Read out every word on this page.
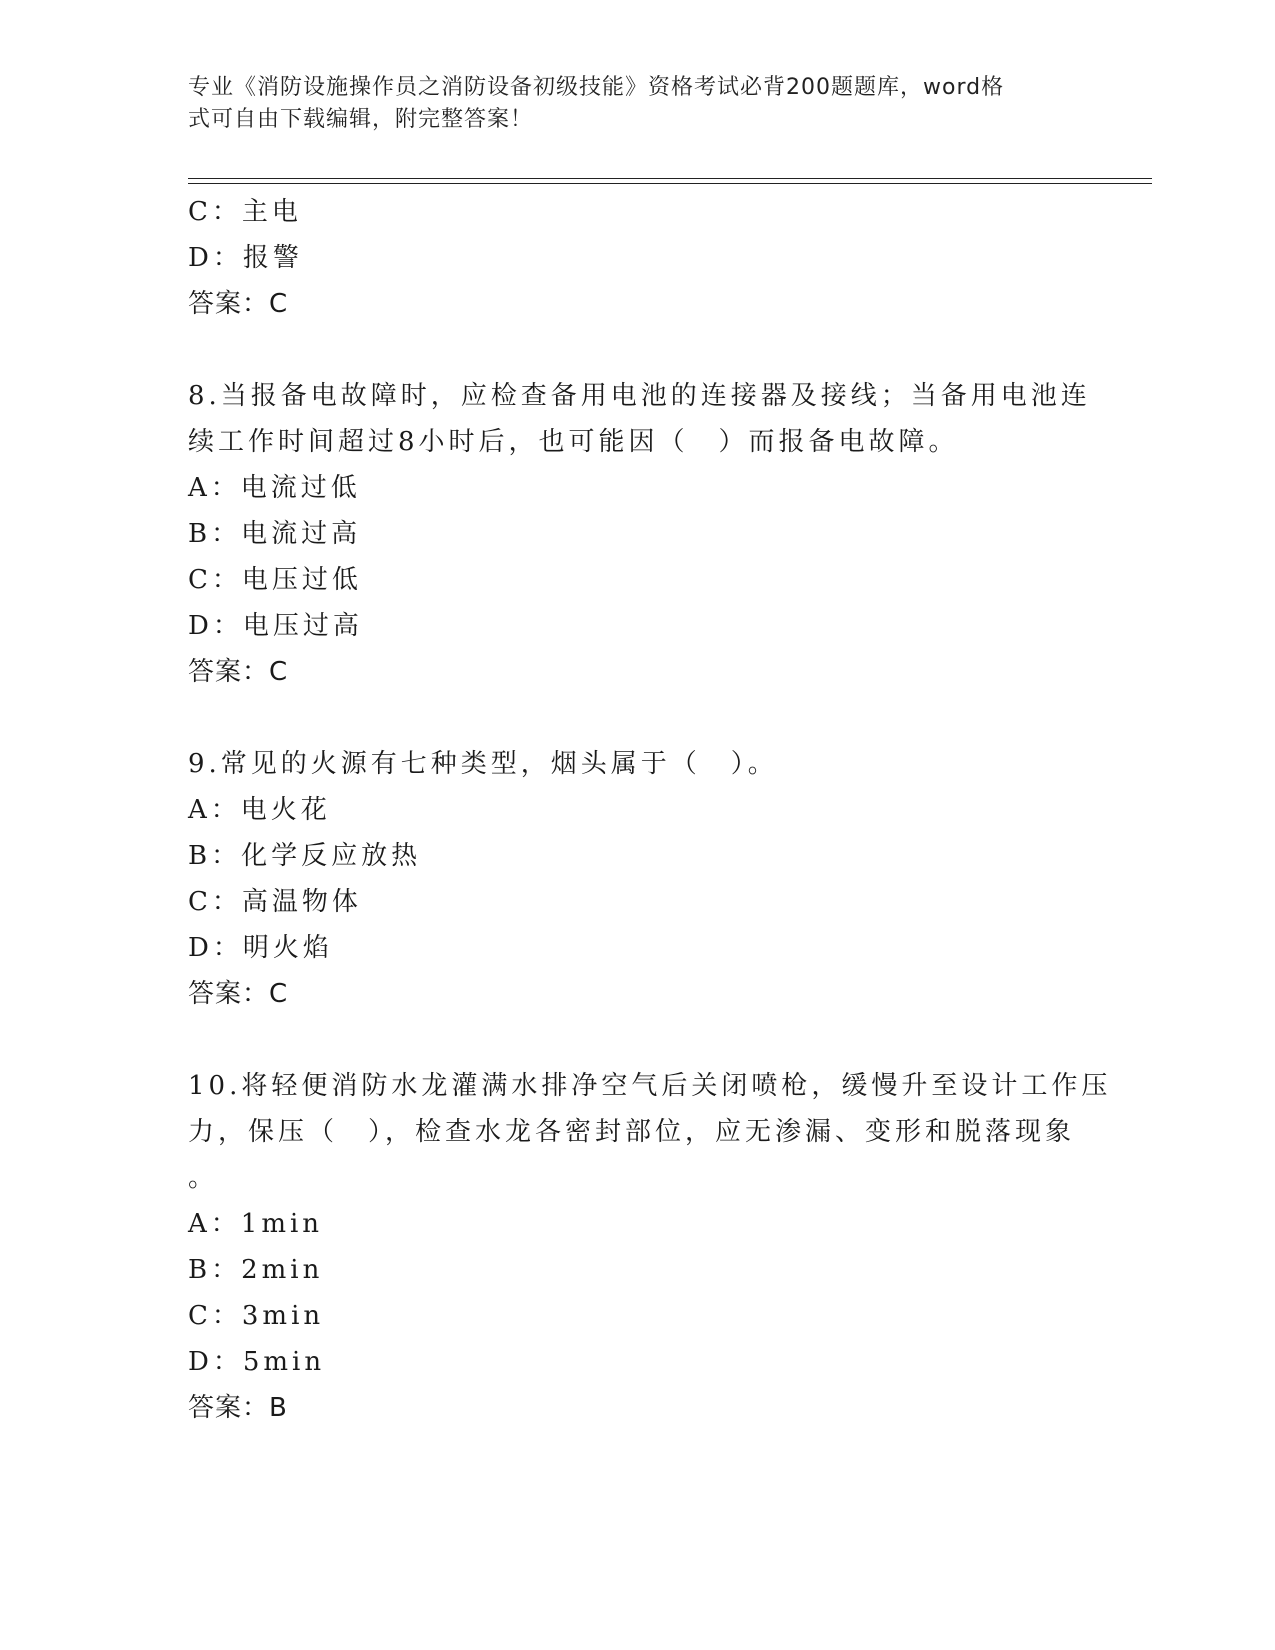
专业《消防设施操作员之消防设备初级技能》资格考试必背200题题库，word格
式可自由下载编辑，附完整答案！
C：主电
D：报警
答案：C
8.当报备电故障时，应检查备用电池的连接器及接线；当备用电池连
续工作时间超过8小时后，也可能因（　）而报备电故障。
A：电流过低
B：电流过高
C：电压过低
D：电压过高
答案：C
9.常见的火源有七种类型，烟头属于（　）。
A：电火花
B：化学反应放热
C：高温物体
D：明火焰
答案：C
10.将轻便消防水龙灌满水排净空气后关闭喷枪，缓慢升至设计工作压
力，保压（　），检查水龙各密封部位，应无渗漏、变形和脱落现象
。
A：1min
B：2min
C：3min
D：5min
答案：B
